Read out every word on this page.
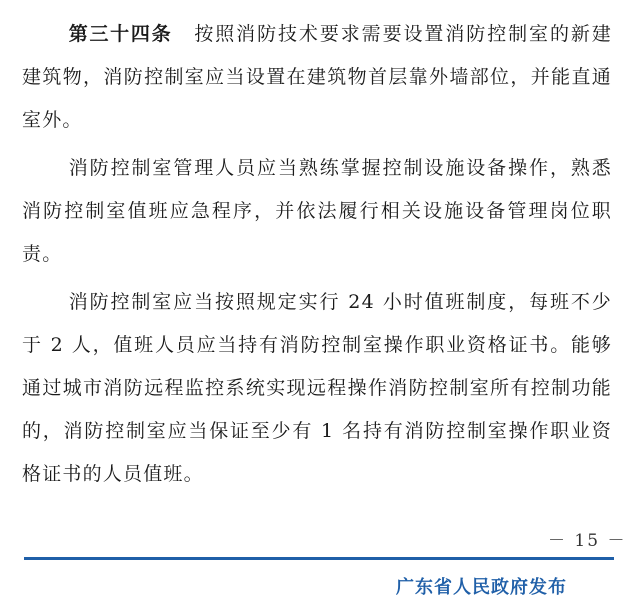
第三十四条 按照消防技术要求需要设置消防控制室的新建建筑物，消防控制室应当设置在建筑物首层靠外墙部位，并能直通室外。

消防控制室管理人员应当熟练掌握控制设施设备操作，熟悉消防控制室值班应急程序，并依法履行相关设施设备管理岗位职责。

消防控制室应当按照规定实行 24 小时值班制度，每班不少于 2 人，值班人员应当持有消防控制室操作职业资格证书。能够通过城市消防远程监控系统实现远程操作消防控制室所有控制功能的，消防控制室应当保证至少有 1 名持有消防控制室操作职业资格证书的人员值班。

－ 15 －
广东省人民政府发布
